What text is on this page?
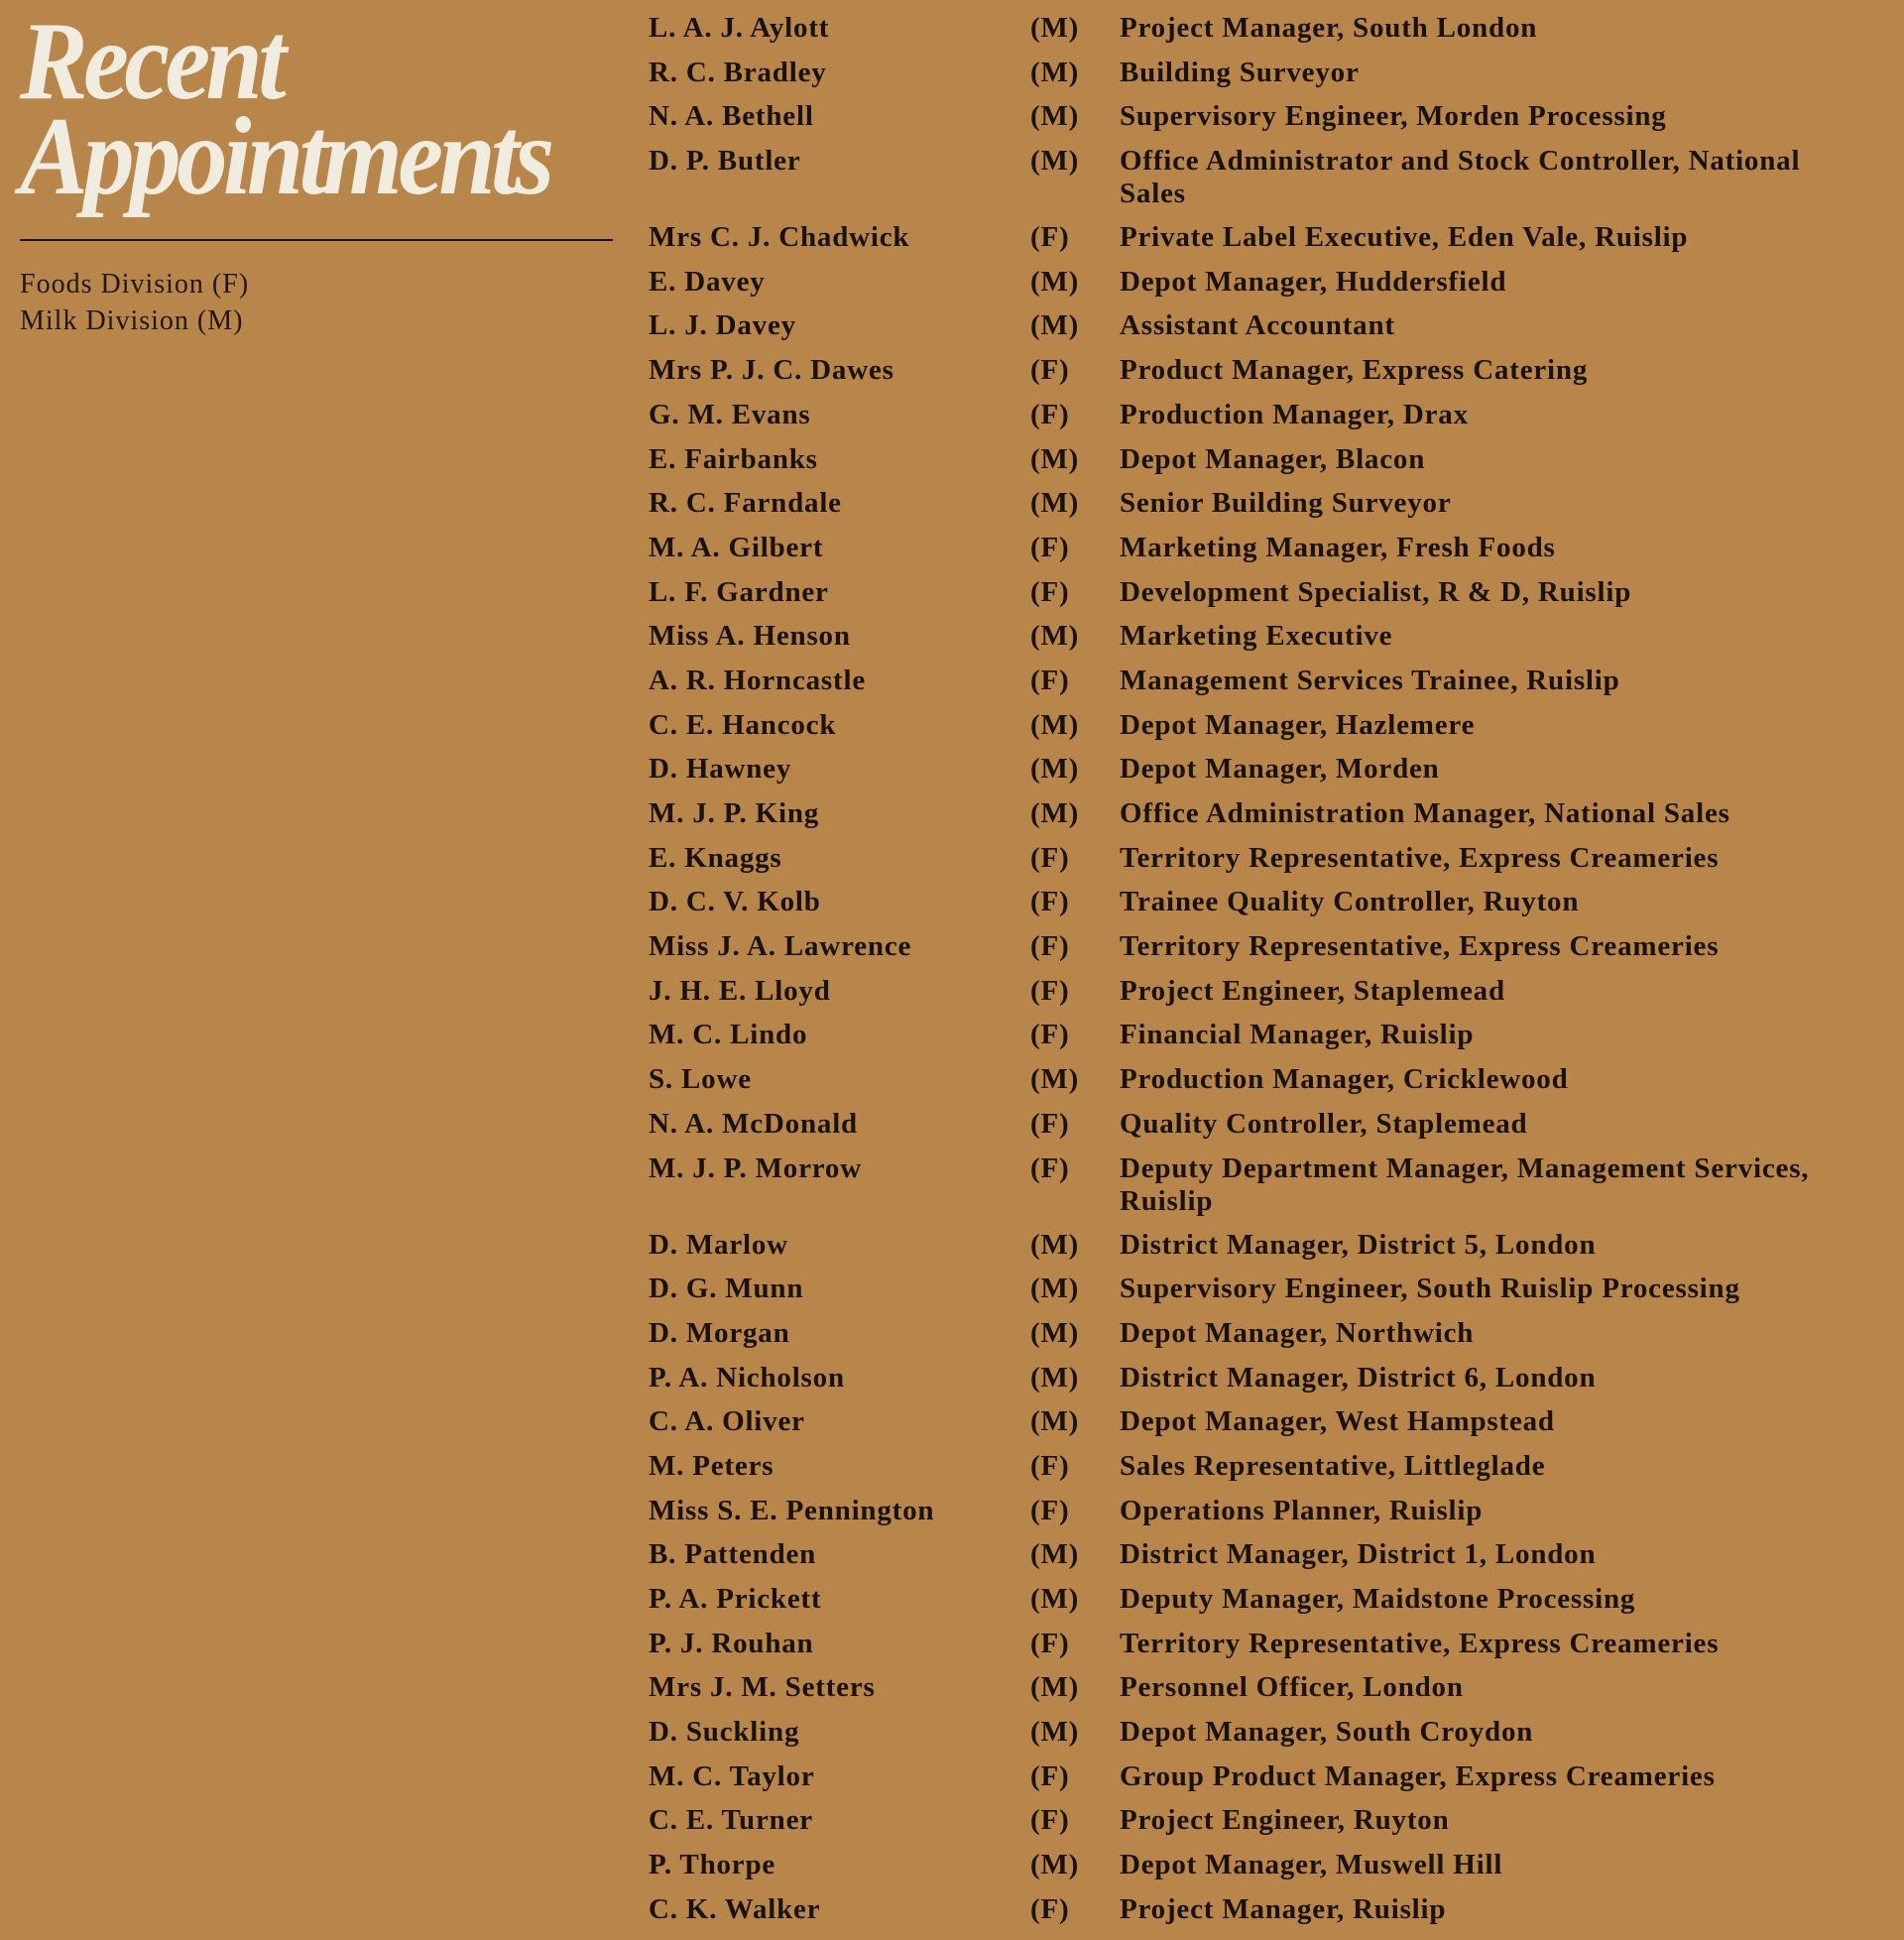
Recent
Appointments
Foods Division (F)
Milk Division (M)
L. A. J. Aylott	(M)	Project Manager, South London
R. C. Bradley	(M)	Building Surveyor
N. A. Bethell	(M)	Supervisory Engineer, Morden Processing
D. P. Butler	(M)	Office Administrator and Stock Controller, National Sales
Mrs C. J. Chadwick	(F)	Private Label Executive, Eden Vale, Ruislip
E. Davey	(M)	Depot Manager, Huddersfield
L. J. Davey	(M)	Assistant Accountant
Mrs P. J. C. Dawes	(F)	Product Manager, Express Catering
G. M. Evans	(F)	Production Manager, Drax
E. Fairbanks	(M)	Depot Manager, Blacon
R. C. Farndale	(M)	Senior Building Surveyor
M. A. Gilbert	(F)	Marketing Manager, Fresh Foods
L. F. Gardner	(F)	Development Specialist, R & D, Ruislip
Miss A. Henson	(M)	Marketing Executive
A. R. Horncastle	(F)	Management Services Trainee, Ruislip
C. E. Hancock	(M)	Depot Manager, Hazlemere
D. Hawney	(M)	Depot Manager, Morden
M. J. P. King	(M)	Office Administration Manager, National Sales
E. Knaggs	(F)	Territory Representative, Express Creameries
D. C. V. Kolb	(F)	Trainee Quality Controller, Ruyton
Miss J. A. Lawrence	(F)	Territory Representative, Express Creameries
J. H. E. Lloyd	(F)	Project Engineer, Staplemead
M. C. Lindo	(F)	Financial Manager, Ruislip
S. Lowe	(M)	Production Manager, Cricklewood
N. A. McDonald	(F)	Quality Controller, Staplemead
M. J. P. Morrow	(F)	Deputy Department Manager, Management Services, Ruislip
D. Marlow	(M)	District Manager, District 5, London
D. G. Munn	(M)	Supervisory Engineer, South Ruislip Processing
D. Morgan	(M)	Depot Manager, Northwich
P. A. Nicholson	(M)	District Manager, District 6, London
C. A. Oliver	(M)	Depot Manager, West Hampstead
M. Peters	(F)	Sales Representative, Littleglade
Miss S. E. Pennington	(F)	Operations Planner, Ruislip
B. Pattenden	(M)	District Manager, District 1, London
P. A. Prickett	(M)	Deputy Manager, Maidstone Processing
P. J. Rouhan	(F)	Territory Representative, Express Creameries
Mrs J. M. Setters	(M)	Personnel Officer, London
D. Suckling	(M)	Depot Manager, South Croydon
M. C. Taylor	(F)	Group Product Manager, Express Creameries
C. E. Turner	(F)	Project Engineer, Ruyton
P. Thorpe	(M)	Depot Manager, Muswell Hill
C. K. Walker	(F)	Project Manager, Ruislip
